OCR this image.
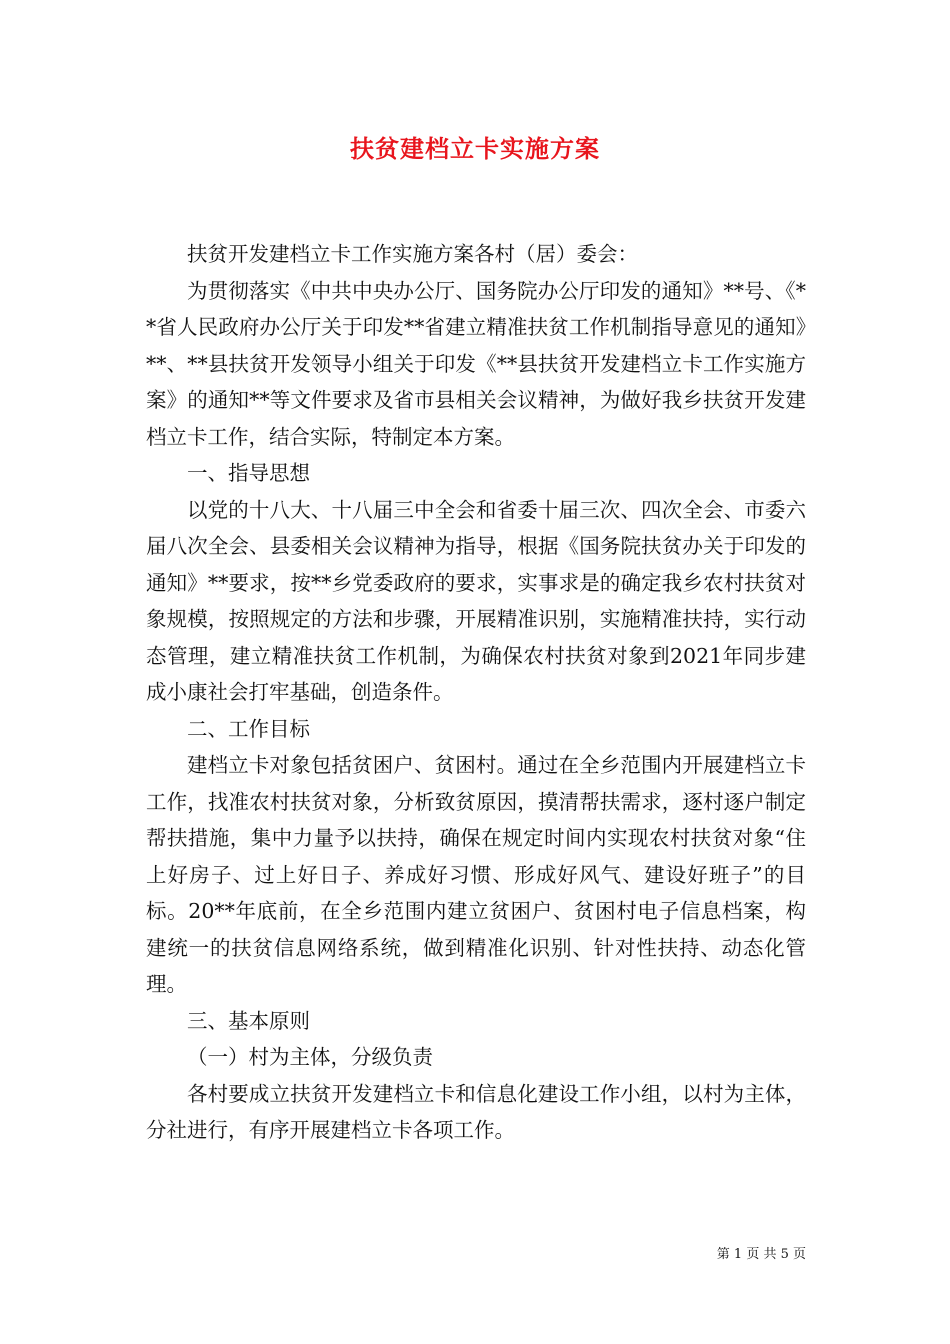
扶贫建档立卡实施方案

扶贫开发建档立卡工作实施方案各村（居）委会：

为贯彻落实《中共中央办公厅、国务院办公厅印发的通知》**号、《**省人民政府办公厅关于印发**省建立精准扶贫工作机制指导意见的通知》**、**县扶贫开发领导小组关于印发《**县扶贫开发建档立卡工作实施方案》的通知**等文件要求及省市县相关会议精神，为做好我乡扶贫开发建档立卡工作，结合实际，特制定本方案。

一、指导思想

以党的十八大、十八届三中全会和省委十届三次、四次全会、市委六届八次全会、县委相关会议精神为指导，根据《国务院扶贫办关于印发的通知》**要求，按**乡党委政府的要求，实事求是的确定我乡农村扶贫对象规模，按照规定的方法和步骤，开展精准识别，实施精准扶持，实行动态管理，建立精准扶贫工作机制，为确保农村扶贫对象到2021年同步建成小康社会打牢基础，创造条件。

二、工作目标

建档立卡对象包括贫困户、贫困村。通过在全乡范围内开展建档立卡工作，找准农村扶贫对象，分析致贫原因，摸清帮扶需求，逐村逐户制定帮扶措施，集中力量予以扶持，确保在规定时间内实现农村扶贫对象“住上好房子、过上好日子、养成好习惯、形成好风气、建设好班子”的目标。20**年底前，在全乡范围内建立贫困户、贫困村电子信息档案，构建统一的扶贫信息网络系统，做到精准化识别、针对性扶持、动态化管理。

三、基本原则

（一）村为主体，分级负责

各村要成立扶贫开发建档立卡和信息化建设工作小组，以村为主体，分社进行，有序开展建档立卡各项工作。

第 1 页 共 5 页
